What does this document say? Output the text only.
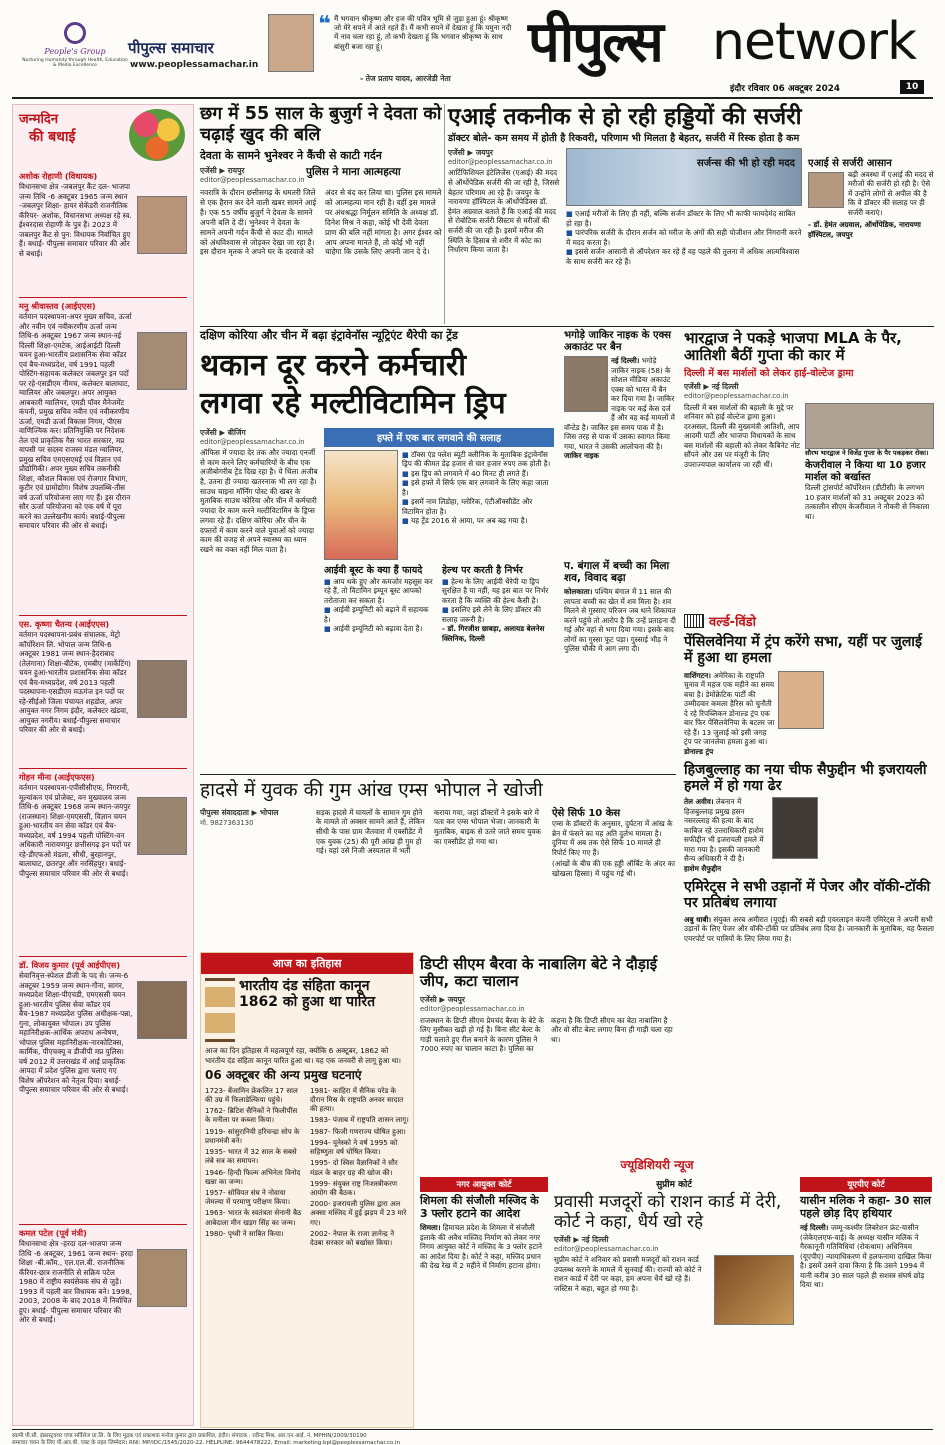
People's Group
Nurturing Humanity through Health, Education & Media Excellence
पीपुल्स समाचार
www.peoplessamachar.in
❝ मैं भगवान श्रीकृष्ण और हज की पवित्र भूमि से जुड़ा हुआ हूं। श्रीकृष्ण जो मेरे सपने में आते रहते हैं। मैं कभी सपने में देखता हूं कि यमुना नदी में नाव चला रहा हूं, तो कभी देखता हूं कि भगवान श्रीकृष्ण के साथ बांसुरी बजा रहा हूं।
- तेज प्रताप यादव, आरजेडी नेता
पीपुल्स network
इंदौर रविवार 06 अक्टूबर 2024	10
जन्मदिन
की बधाई
अशोक रोहाणी (विधायक)
विधानसभा क्षेत्र -जबलपुर कैंट दल- भाजपा जन्म तिथि -6 अक्टूबर 1965 जन्म स्थान -जबलपुर शिक्षा- हायर सेकेंडरी राजनीतिक कॅरियर- अशोक, विधानसभा अध्यक्ष रहे स्व. ईश्वरदास रोहाणी के पुत्र हैं। 2023 में जबलपुर कैंट से पुन: विधायक निर्वाचित हुए हैं। बधाई- पीपुल्स समाचार परिवार की ओर से बधाई।
मनु श्रीवास्तव (आईएएस)
वर्तमान पदस्थापना-अपर मुख्य सचिव, ऊर्जा और नवीन एवं नवीकरणीय ऊर्जा जन्म तिथि-6 अक्टूबर 1967 जन्म स्थान-नई दिल्ली शिक्षा-एमटेक, आईआईटी दिल्ली चयन हुआ-भारतीय प्रशासनिक सेवा कॉडर एवं बैच-मध्यप्रदेश, वर्ष 1991 पहली पोस्टिंग-सहायक कलेक्टर जबलपुर इन पदों पर रहे-एसडीएम नीमच, कलेक्टर बालाघाट, ग्वालियर और जबलपुर। अपर आयुक्त आबकारी ग्वालियर, एमडी पॉवर मैनेजमेंट कंपनी, प्रमुख सचिव नवीन एवं नवीकरणीय ऊर्जा, एमडी ऊर्जा विकास निगम, पीएस वाणिज्यिक कर। प्रतिनियुक्ति पर निदेशक तेल एवं प्राकृतिक गैस भारत सरकार, मप्र वापसी पर सदस्य राजस्व मंडल ग्वालियर, प्रमुख सचिव एमएसएमई एवं विज्ञान एवं प्रौद्योगिकी। अपर मुख्य सचिव तकनीकी शिक्षा, कौशल विकास एवं रोजगार विभाग, कुटीर एवं ग्रामोद्योग। विशेष उपलब्धि-तीस वर्ष ऊर्जा परियोजना लाए गए हैं। इस दौरान सौर ऊर्जा परियोजना को एक वर्ष में पूरा करने का उल्लेखनीय कार्य। बधाई-पीपुल्स समाचार परिवार की ओर से बधाई।
एस. कृष्णा चैतन्य (आईएएस)
वर्तमान पदस्थापना-प्रबंध संचालक, मेट्रो कॉर्पोरेशन लि. भोपाल जन्म तिथि-6 अक्टूबर 1981 जन्म स्थान-हैदराबाद (तेलंगाना) शिक्षा-बीटेक, एमबीए (मार्केटिंग) चयन हुआ-भारतीय प्रशासनिक सेवा कॉडर एवं बैच-मध्यप्रदेश, वर्ष 2013 पहली पदस्थापना-एसडीएम मऊगंज इन पदों पर रहे-सीईओ जिला पंचायत शहडोल, अपर आयुक्त नगर निगम इंदौर, कलेक्टर खंडवा, आयुक्त नगरीय। बधाई-पीपुल्स समाचार परिवार की ओर से बधाई।
गोहन मीना (आईएफएस)
वर्तमान पदस्थापना-एपीसीसीएफ, निगरानी, मूल्यांकन एवं प्रोजेक्ट, वन मुख्यालय जन्म तिथि-6 अक्टूबर 1968 जन्म स्थान-जयपुर (राजस्थान) शिक्षा-एमएससी, विज्ञान चयन हुआ-भारतीय वन सेवा कॉडर एवं बैच-मध्यप्रदेश, वर्ष 1994 पहली पोस्टिंग-वन अधिकारी नारायणपुर छत्तीसगढ़ इन पदों पर रहे-डीएफओ मंडला, सीधी, बुरहानपुर, बालाघाट, छतरपुर और नरसिंहपुर। बधाई-पीपुल्स समाचार परिवार की ओर से बधाई।
डॉ. विजय कुमार (पूर्व आईपीएस)
सेवानिवृत्त-स्पेशल डीजी के पद से। जन्म-6 अक्टूबर 1959 जन्म स्थान-गौना, सागर, मध्यप्रदेश शिक्षा-पीएचडी, एमएससी चयन हुआ-भारतीय पुलिस सेवा कॉडर एवं बैच-1987 मध्यप्रदेश पुलिस अधीक्षक-पन्ना, गुना, लोकायुक्त भोपाल। उप पुलिस महानिरीक्षक-आर्थिक अपराध अन्वेषण, भोपाल पुलिस महानिरीक्षक-नारकोटिक्स, कार्मिक, पीएचक्यू व डीजीपी मप्र पुलिस। वर्ष 2012 में उत्तराखंड में आई प्राकृतिक आपदा में प्रदेश पुलिस द्वारा चलाए गए विशेष ऑपरेशन को नेतृत्व दिया। बधाई- पीपुल्स समाचार परिवार की ओर से बधाई।
कमल पटेल (पूर्व मंत्री)
विधानसभा क्षेत्र -हरदा दल-भाजपा जन्म तिथि -6 अक्टूबर, 1961 जन्म स्थान- हरदा शिक्षा -बी.कॉम., एल.एल.बी. राजनीतिक कॅरियर-छात्र राजनीति से सक्रिय पटेल 1980 में राष्ट्रीय स्वयंसेवक संघ से जुड़े। 1993 में पहली बार विधायक बने। 1998, 2003, 2008 के बाद 2018 में निर्वाचित हुए। बधाई- पीपुल्स समाचार परिवार की ओर से बधाई।
छग में 55 साल के बुजुर्ग ने देवता को चढ़ाई खुद की बलि
देवता के सामने भुनेश्वर ने कैंची से काटी गर्दन
एजेंसी ▶ रायपुर
editor@peoplessamachar.co.in
पुलिस ने माना आत्महत्या
नवरात्रि के दौरान छत्तीसगढ़ के धमतरी जिले से एक हैरान कर देने वाली खबर सामने आई है। एक 55 वर्षीय बुजुर्ग ने देवता के सामने अपनी बलि दे दी। भुनेश्वर ने देवता के सामने अपनी गर्दन कैंची से काट दी। मामले को अंधविश्वास से जोड़कर देखा जा रहा है। इस दौरान मृतक ने अपने घर के दरवाजे को अंदर से बंद कर लिया था। पुलिस इस मामले को आत्महत्या मान रही है। वहीं इस मामले पर अंधश्रद्धा निर्मूलन समिति के अध्यक्ष डॉ. दिनेश मिश्र ने कहा, कोई भी देवी देवता प्राण की बलि नहीं मांगता है। अगर ईश्वर को आप अपना मानते हैं, तो कोई भी नहीं चाहेगा कि उसके लिए अपनी जान दे दे।
एआई तकनीक से हो रही हड्डियों की सर्जरी
डॉक्टर बोले- कम समय में होती है रिकवरी, परिणाम भी मिलता है बेहतर, सर्जरी में रिस्क होता है कम
एजेंसी ▶ जयपुर
editor@peoplessamachar.co.in
आर्टिफिशियल इंटेलिजेंस (एआई) की मदद से ऑर्थोपेडिक सर्जरी की जा रही है, जिससे बेहतर परिणाम आ रहे हैं। जयपुर के नारायणा हॉस्पिटल के ऑर्थोपेडिक्स डॉ. हेमंत अग्रवाल बताते हैं कि एआई की मदद से रोबोटिक सर्जरी सिस्टम से मरीजों की सर्जरी की जा रही है। इसमें मरीज की स्थिति के हिसाब से शरीर में कोट का निर्धारण किया जाता है।
सर्जन्स की भी हो रही मदद
■ एआई मरीजों के लिए ही नहीं, बल्कि सर्जन डॉक्टर के लिए भी काफी फायदेमंद साबित हो रहा है।
■ पारंपरिक सर्जरी के दौरान सर्जन को मरीज के अंगों की सही पोजीशन और निगरानी करने में मदद करता है।
■ इससे सर्जन आसानी से ऑपरेशन कर रहे हैं वह पहले की तुलना में अधिक आत्मविश्वास के साथ सर्जरी कर रहे हैं।
एआई से सर्जरी आसान
बढ़ी अवस्था में एआई की मदद से मरीजों की सर्जरी हो रही है। ऐसे में उन्होंने लोगों से अपील की है कि वे डॉक्टर की सलाह पर ही सर्जरी कराएं।
- डॉ. हेमंत अग्रवाल, ऑर्थोपेडिक, नारायणा हॉस्पिटल, जयपुर
दक्षिण कोरिया और चीन में बढ़ा इंट्रावेनॉस न्यूट्रिएंट थैरेपी का ट्रेंड
थकान दूर करने कर्मचारी
लगवा रहे मल्टीविटामिन ड्रिप
एजेंसी ▶ बीजिंग
editor@peoplessamachar.co.in
ऑफिस में ज्यादा देर तक और ज्यादा एनर्जी से काम करने लिए कर्मचारियों के बीच एक अजीबोगरीब ट्रेंड दिख रहा है। ये थिंला अजीब है, उतना ही ज्यादा खतरनाक भी लग रहा है। साउथ चाइना मॉर्निंग पोस्ट की खबर के मुताबिक साउथ कोरिया और चीन में कर्मचारी ज्यादा देर काम करने मल्टीविटामिन के ड्रिप्स लगवा रहे हैं। दक्षिण कोरिया और चीन के दफ्तरों में काम करने वाले युवाओं को ज्यादा काम की वजह से अपने स्वास्थ्य का ध्यान रखने का वक्त नहीं मिल पाता है।
हफ्ते में एक बार लगवाने की सलाह
■ टॉक्स एंड फ्लेश ब्यूटी क्लीनिक के मुताबिक इंट्रावेनॉस ड्रिप की कीमत डेढ़ हजार से चार हजार रुपए तक होती है।
■ इस ड्रिप को लगवाने में 40 मिनट ही लगते हैं।
■ इसे हफ्ते में सिर्फ एक बार लगवाने के लिए कहा जाता है।
■ इसमें नाम लिडोहा, ग्लोरिक, एंटीऑक्सीडेंट और विटामिन होता है।
■ यह ट्रेंड 2016 से आया, पर अब बढ़ गया है।
आईवी बूस्ट के क्या हैं फायदे
■ आप थके हुए और कमजोर महसूस कर रहे हैं, तो विटामिन इम्यून बूस्ट आपको तरोताजा कर सकता है।
■ आईवी इम्यूनिटी को बढ़ाने में सहायक है।
■ आईवी इम्यूनिटी को बढ़ावा देता है।
हेल्थ पर करती है निर्भर
■ हेल्थ के लिए आईवी थैरेपी या ड्रिप सुरक्षित है या नहीं, यह इस बात पर निर्भर करता है कि व्यक्ति की हेल्थ कैसी है।
■ इसलिए इसे लेने के लिए डॉक्टर की सलाह जरूरी है।
- डॉ. गिरजीश छाबड़ा, अलायड बेलनेस क्लिनिक, दिल्ली
भगोड़े जाकिर नाइक के एक्स अकाउंट पर बैन
नई दिल्ली। भगोड़े जाकिर नाइक (58) के सोशल मीडिया अकाउंट एक्स को भारत में बैन कर दिया गया है। जाकिर नाइक पर कई केस दर्ज हैं और वह कई मामलों में वॉन्टेड है। जाकिर इस समय पाक में है। जिस तरह से पाक में उसका स्वागत किया गया, भारत ने उसकी आलोचना की है।
जाकिर नाइक
प. बंगाल में बच्ची का मिला शव, विवाद बढ़ा
कोलकाता। पश्चिम बंगाल में 11 साल की लापता बच्ची का खेत में शव मिला है। शव मिलने से गुस्साए परिजन जब थाने शिकायत करने पहुंचे तो आरोप है कि उन्हें प्रताड़ना दी गई और वहां से भगा दिया गया। इसके बाद लोगों का गुस्सा फूट पड़ा। गुस्साई भीड़ ने पुलिस चौकी में आग लगा दी।
भारद्वाज ने पकड़े भाजपा MLA के पैर, आतिशी बैठीं गुप्ता की कार में
दिल्ली में बस मार्शलों को लेकर हाई-वोल्टेज ड्रामा
एजेंसी ▶ नई दिल्ली
editor@peoplessamachar.co.in
दिल्ली में बस मार्शलों की बहाली के मुद्दे पर शनिवार को हाई वोल्टेज ड्रामा हुआ। दरअसल, दिल्ली की मुख्यमंत्री आतिशी, आप आदमी पार्टी और भाजपा विधायकों के साथ बस मार्शलों की बहाली को लेकर कैबिनेट नोट सौंपने और उस पर मंजूरी के लिए उपराज्यपाल कार्यालय जा रही थीं।
सौरभ भारद्वाज ने विजेंद्र गुप्ता के पैर पकड़कर रोका।
केजरीवाल ने किया था 10 हजार मार्शल को बर्खास्त
दिल्ली ट्रांसपोर्ट कॉर्पोरेशन (डीटीसी) के लगभग 10 हजार मार्शलों को 31 अक्टूबर 2023 को तत्कालीन सीएम केजरीवाल ने नौकरी से निकाला था।
वर्ल्ड-विंडो
पेंसिलवेनिया में ट्रंप करेंगे सभा, यहीं पर जुलाई में हुआ था हमला
वाशिंगटन। अमेरिका के राष्ट्रपति चुनाव में महज एक महीने का समय बचा है। डेमोक्रेटिक पार्टी की उम्मीदवार कमला हैरिस को चुनौती दे रहे रिपब्लिकन डोनाल्ड ट्रंप एक बार फिर पेंसिलवेनिया के बटलर जा रहे हैं। 13 जुलाई को इसी जगह ट्रंप पर जानलेवा हमला हुआ था।
डोनाल्ड ट्रंप
हिजबुल्लाह का नया चीफ सैफुद्दीन भी इजरायली हमले में हो गया ढेर
तेल अवीव। लेबनान में हिजबुल्लाह प्रमुख हसन नसरल्लाह की हत्या के बाद काबिज रहे उत्तराधिकारी हाशेम सफीद्दीन भी इजरायली हमले में मारा गया है। इसकी जानकारी सैन्य अधिकारी ने दी है।
हाशेम सैफुद्दीन
एमिरेट्स ने सभी उड़ानों में पेजर और वॉकी-टॉकी पर प्रतिबंध लगाया
अबु धाबी। संयुक्त अरब अमीरात (यूएई) की सबसे बड़ी एयरलाइन कंपनी एमिरेट्स ने अपनी सभी उड़ानों के लिए पेजर और वॉकी-टॉकी पर प्रतिबंध लगा दिया है। जानकारी के मुताबिक, यह फैसला एयरपोर्ट पर यात्रियों के लिए लिया गया है।
हादसे में युवक की गुम आंख एम्स भोपाल ने खोजी
पीपुल्स संवाददाता ▶ भोपाल
मो. 9827363130
सड़क हादसे में घायलों के सामान गुम होने के मामले तो अक्सर सामने आते हैं, लेकिन सीधी के पास ग्राम जैतवारा में एक्सीडेंट में एक युवक (25) की पूरी आंख ही गुम हो गई। यहां उसे निजी अस्पताल में भर्ती कराया गया, जहां डॉक्टरों ने इसके बारे में पता कर एम्स भोपाल भेजा। जानकारी के मुताबिक, बाइक से उतरे जाते समय युवक का एक्सीडेंट हो गया था।
ऐसे सिर्फ 10 केस
एम्स के डॉक्टरों के अनुसार, दुर्घटना में आंख के ब्रेन में फंसने का यह अति दुर्लभ मामला है। दुनिया में अब तक ऐसे सिर्फ 10 मामले ही रिपोर्ट किए गए हैं।
(आंखों के बीच की एक हड्डी ऑर्बिट के अंदर का खोखला हिस्सा) में पहुंच गई थी।
आज का इतिहास
भारतीय दंड संहिता कानून 1862 को हुआ था पारित
आज का दिन इतिहास में महत्वपूर्ण रहा, क्योंकि 6 अक्टूबर, 1862 को भारतीय दंड संहिता कानून पारित हुआ था। यह एक जनवरी से लागू हुआ था।
06 अक्टूबर की अन्य प्रमुख घटनाएं
1723- बेंजामिन फ्रेंकलिन 17 साल की उम्र में फिलाडेल्फिया पहुंचे।
1762- ब्रिटिश सैनिकों ने फिलीपींस के मनीला पर कब्जा किया।
1919- सांसुरानियी हरिचन्द्रा सोप के प्रधानमंत्री बने।
1935- भारत में 32 साल के सबसे लंबे सत्र का समापन।
1946- हिन्दी फिल्म अभिनेता विनोद खन्ना का जन्म।
1957- सोवियत संघ ने नोवाया जेमल्या में परमाणु परीक्षण किया।
1963- भारत के स्वतंत्रता सेनानी बैठ आबेदाला मीन खड़ग सिंह का जन्म।
1980- पृथ्वी ने साबित किया।
1981- काहिरा में सैनिक परेड के दौरान मिस्र के राष्ट्रपति अनवर सादात की हत्या।
1983- पंजाब में राष्ट्रपति शासन लागू।
1987- फिजी गणराज्य घोषित हुआ।
1994- यूनेस्को ने वर्ष 1995 को सहिष्णुता वर्ष घोषित किया।
1995- दो स्विस वैज्ञानिकों ने सौर मंडल के बाहर ग्रह की खोज की।
1999- संयुक्त राष्ट्र निःशस्त्रीकरण आयोग की बैठक।
2000- इजरायली पुलिस द्वारा अल अक्सा मस्जिद में हुई झड़प में 23 मारे गए।
2002- नेपाल के राजा ज्ञानेन्द्र ने देउबा सरकार को बर्खास्त किया।
डिप्टी सीएम बैरवा के नाबालिग बेटे ने दौड़ाई जीप, कटा चालान
एजेंसी ▶ जयपुर
editor@peoplessamachar.co.in
राजस्थान के डिप्टी सीएम प्रेमचंद बैरवा के बेटे के लिए मुसीबत खड़ी हो गई है। बिना सीट बेल्ट के गाड़ी चलाते हुए रील बनाने के कारण पुलिस ने 7000 रुपए का चालान काटा है। पुलिस का कहना है कि डिप्टी सीएम का बेटा नाबालिग है और वो सीट बेल्ट लगाए बिना ही गाड़ी चला रहा था।
ज्यूडिशियरी न्यूज
नगर आयुक्त कोर्ट
शिमला की संजौली मस्जिद के 3 फ्लोर हटाने का आदेश
शिमला। हिमाचल प्रदेश के शिमला में संजौली इलाके की अवैध मस्जिद निर्माण को लेकर नगर निगम आयुक्त कोर्ट ने मस्जिद के 3 फ्लोर हटाने का आदेश दिया है। कोर्ट ने कहा, मस्जिद प्रधान की देख रेख में 2 महीने में निर्माण हटाना होगा।
सुप्रीम कोर्ट
प्रवासी मजदूरों को राशन कार्ड में देरी, कोर्ट ने कहा, धैर्य खो रहे
एजेंसी ▶ नई दिल्ली
editor@peoplessamachar.co.in
सुप्रीम कोर्ट ने शनिवार को प्रवासी मजदूरों को राशन कार्ड उपलब्ध कराने के मामले में सुनवाई की। राज्यों को कोर्ट ने राशन कार्ड में देरी पर कहा, हम अपना धैर्य खो रहे हैं। जस्टिस ने कहा, बहुत हो गया है।
यूएपीए कोर्ट
यासीन मलिक ने कहा- 30 साल पहले छोड़ दिए हथियार
नई दिल्ली। जम्मू-कश्मीर लिबरेशन फ्रंट-यासीन (जेकेएलएफ-वाई) के अध्यक्ष यासीन मलिक ने गैरकानूनी गतिविधियां (रोकथाम) अधिनियम (यूएपीए) न्यायाधिकरण में हलफनामा दाखिल किया है। इसमें उसने दावा किया है कि उसने 1994 में यानी करीब 30 साल पहले ही सशस्त्र संघर्ष छोड़ दिया था।
स्वामी पी.सी. इंफ्रास्ट्रक्चर एण्ड सर्विसेज प्रा.लि. के लिए मुद्रक एवं प्रकाशक मनोज कुमार द्वारा प्रकाशित, इंदौर। संपादक : रवीन्द्र मिश्र, आर.एन.आई. नं. MPHIN/2009/30190
समाचार चयन के लिए पी.आर.बी. एक्ट के तहत जिम्मेदार। RNI: MP/IDC/1545/2020-22. HELPLINE: 9644478222, Email: marketing.bpl@peoplessamachar.co.in
